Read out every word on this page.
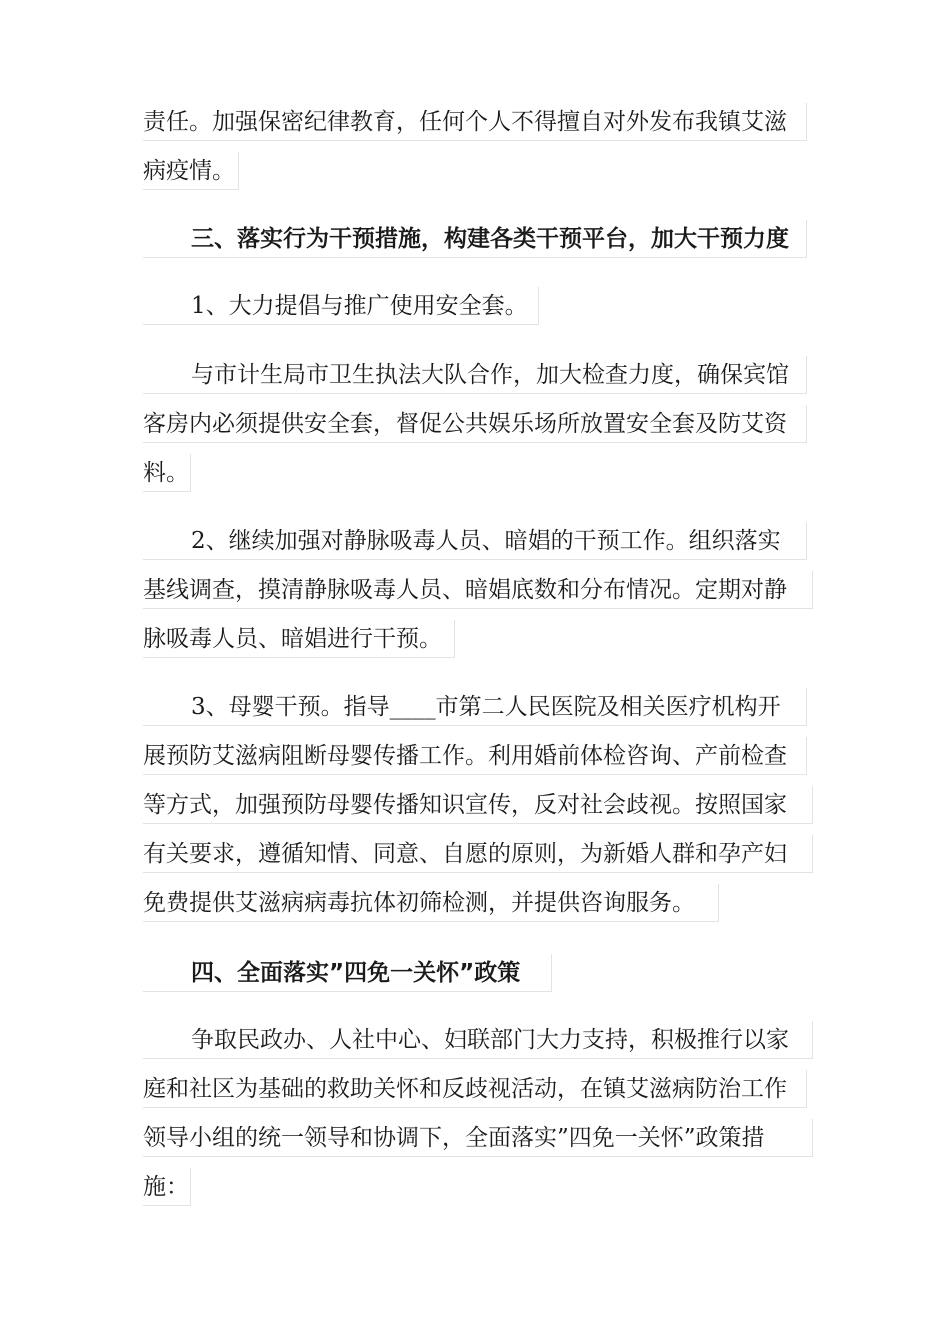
责任。加强保密纪律教育，任何个人不得擅自对外发布我镇艾滋
病疫情。
三、落实行为干预措施，构建各类干预平台，加大干预力度
1、大力提倡与推广使用安全套。
与市计生局市卫生执法大队合作，加大检查力度，确保宾馆
客房内必须提供安全套，督促公共娱乐场所放置安全套及防艾资
料。
2、继续加强对静脉吸毒人员、暗娼的干预工作。组织落实
基线调查，摸清静脉吸毒人员、暗娼底数和分布情况。定期对静
脉吸毒人员、暗娼进行干预。
3、母婴干预。指导____市第二人民医院及相关医疗机构开
展预防艾滋病阻断母婴传播工作。利用婚前体检咨询、产前检查
等方式，加强预防母婴传播知识宣传，反对社会歧视。按照国家
有关要求，遵循知情、同意、自愿的原则，为新婚人群和孕产妇
免费提供艾滋病病毒抗体初筛检测，并提供咨询服务。
四、全面落实”四免一关怀”政策
争取民政办、人社中心、妇联部门大力支持，积极推行以家
庭和社区为基础的救助关怀和反歧视活动，在镇艾滋病防治工作
领导小组的统一领导和协调下，全面落实”四免一关怀”政策措
施：
